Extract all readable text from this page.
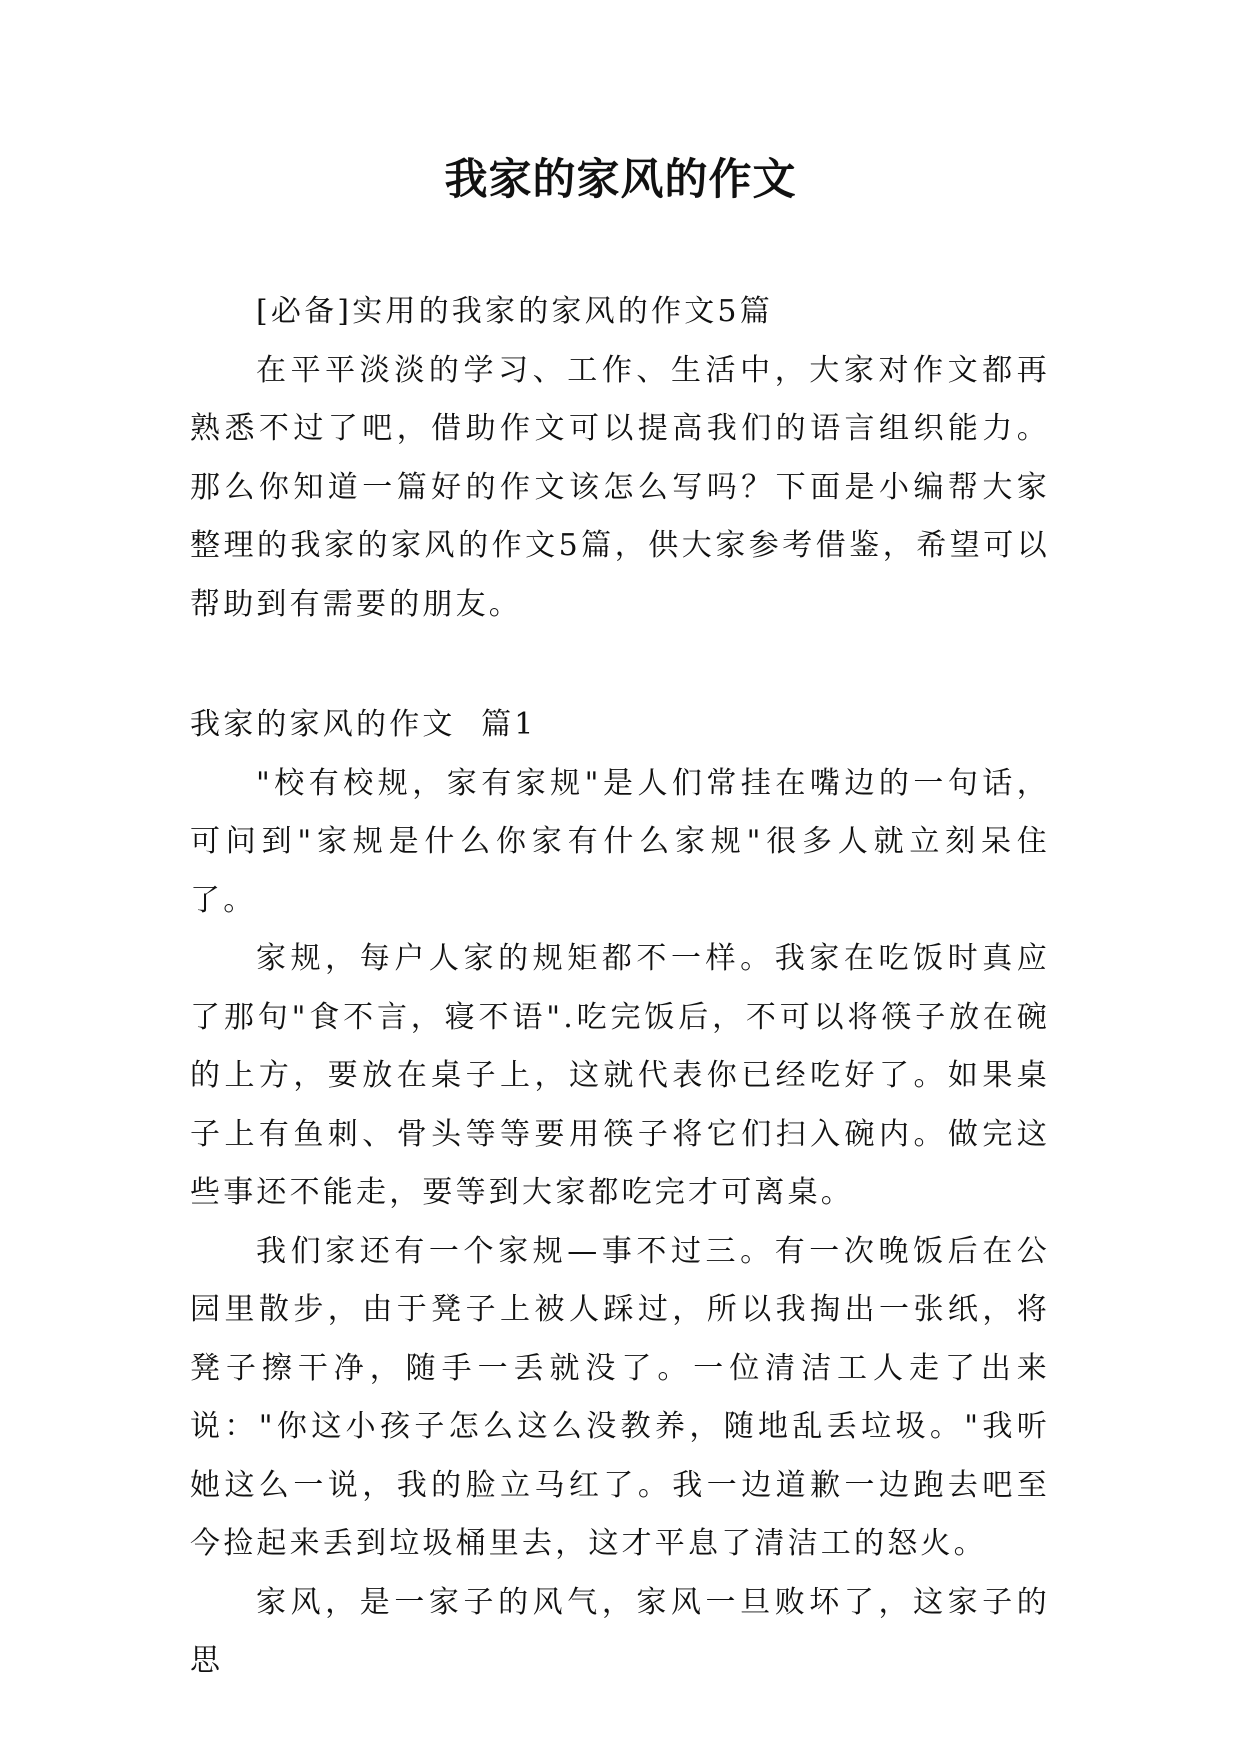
我家的家风的作文

[必备]实用的我家的家风的作文5篇

在平平淡淡的学习、工作、生活中，大家对作文都再熟悉不过了吧，借助作文可以提高我们的语言组织能力。那么你知道一篇好的作文该怎么写吗？下面是小编帮大家整理的我家的家风的作文5篇，供大家参考借鉴，希望可以帮助到有需要的朋友。

我家的家风的作文  篇1

"校有校规，家有家规"是人们常挂在嘴边的一句话，可问到"家规是什么你家有什么家规"很多人就立刻呆住了。

家规，每户人家的规矩都不一样。我家在吃饭时真应了那句"食不言，寝不语".吃完饭后，不可以将筷子放在碗的上方，要放在桌子上，这就代表你已经吃好了。如果桌子上有鱼刺、骨头等等要用筷子将它们扫入碗内。做完这些事还不能走，要等到大家都吃完才可离桌。

我们家还有一个家规—事不过三。有一次晚饭后在公园里散步，由于凳子上被人踩过，所以我掏出一张纸，将凳子擦干净，随手一丢就没了。一位清洁工人走了出来说："你这小孩子怎么这么没教养，随地乱丢垃圾。"我听她这么一说，我的脸立马红了。我一边道歉一边跑去吧至今捡起来丢到垃圾桶里去，这才平息了清洁工的怒火。

家风，是一家子的风气，家风一旦败坏了，这家子的思
